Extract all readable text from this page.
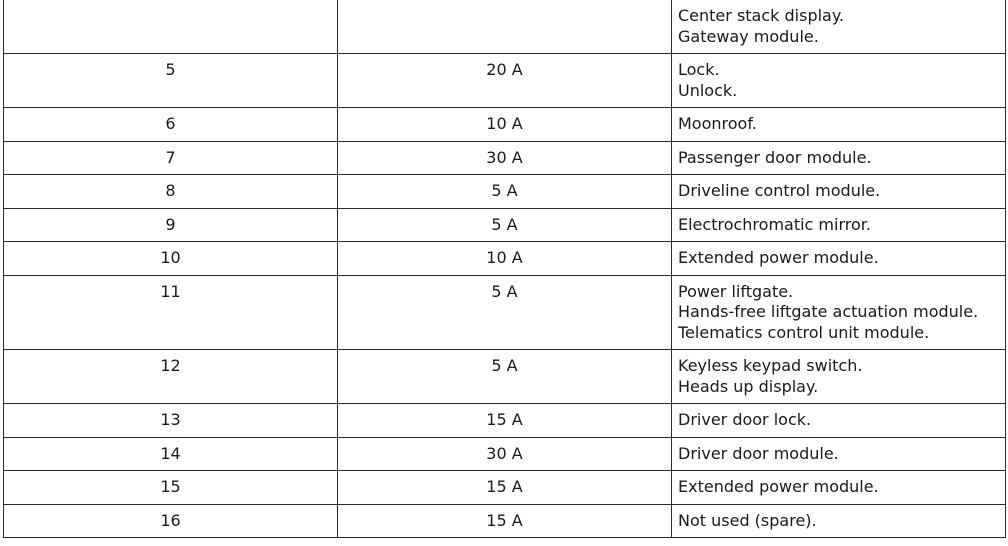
		Center stack display.
Gateway module.

5	20 A	Lock.
Unlock.

6	10 A	Moonroof.

7	30 A	Passenger door module.

8	5 A	Driveline control module.

9	5 A	Electrochromatic mirror.

10	10 A	Extended power module.

11	5 A	Power liftgate.
Hands-free liftgate actuation module.
Telematics control unit module.

12	5 A	Keyless keypad switch.
Heads up display.

13	15 A	Driver door lock.

14	30 A	Driver door module.

15	15 A	Extended power module.

16	15 A	Not used (spare).
